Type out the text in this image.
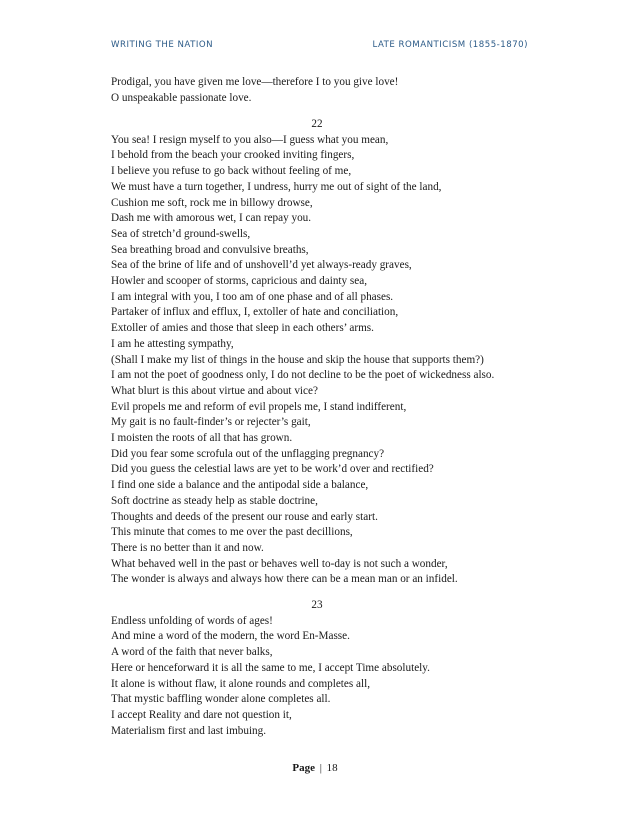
WRITING THE NATION	LATE ROMANTICISM (1855-1870)
Prodigal, you have given me love—therefore I to you give love!
O unspeakable passionate love.
22
You sea! I resign myself to you also—I guess what you mean,
I behold from the beach your crooked inviting fingers,
I believe you refuse to go back without feeling of me,
We must have a turn together, I undress, hurry me out of sight of the land,
Cushion me soft, rock me in billowy drowse,
Dash me with amorous wet, I can repay you.
Sea of stretch’d ground-swells,
Sea breathing broad and convulsive breaths,
Sea of the brine of life and of unshovell’d yet always-ready graves,
Howler and scooper of storms, capricious and dainty sea,
I am integral with you, I too am of one phase and of all phases.
Partaker of influx and efflux, I, extoller of hate and conciliation,
Extoller of amies and those that sleep in each others’ arms.
I am he attesting sympathy,
(Shall I make my list of things in the house and skip the house that supports them?)
I am not the poet of goodness only, I do not decline to be the poet of wickedness also.
What blurt is this about virtue and about vice?
Evil propels me and reform of evil propels me, I stand indifferent,
My gait is no fault-finder’s or rejecter’s gait,
I moisten the roots of all that has grown.
Did you fear some scrofula out of the unflagging pregnancy?
Did you guess the celestial laws are yet to be work’d over and rectified?
I find one side a balance and the antipodal side a balance,
Soft doctrine as steady help as stable doctrine,
Thoughts and deeds of the present our rouse and early start.
This minute that comes to me over the past decillions,
There is no better than it and now.
What behaved well in the past or behaves well to-day is not such a wonder,
The wonder is always and always how there can be a mean man or an infidel.
23
Endless unfolding of words of ages!
And mine a word of the modern, the word En-Masse.
A word of the faith that never balks,
Here or henceforward it is all the same to me, I accept Time absolutely.
It alone is without flaw, it alone rounds and completes all,
That mystic baffling wonder alone completes all.
I accept Reality and dare not question it,
Materialism first and last imbuing.
Page | 18
